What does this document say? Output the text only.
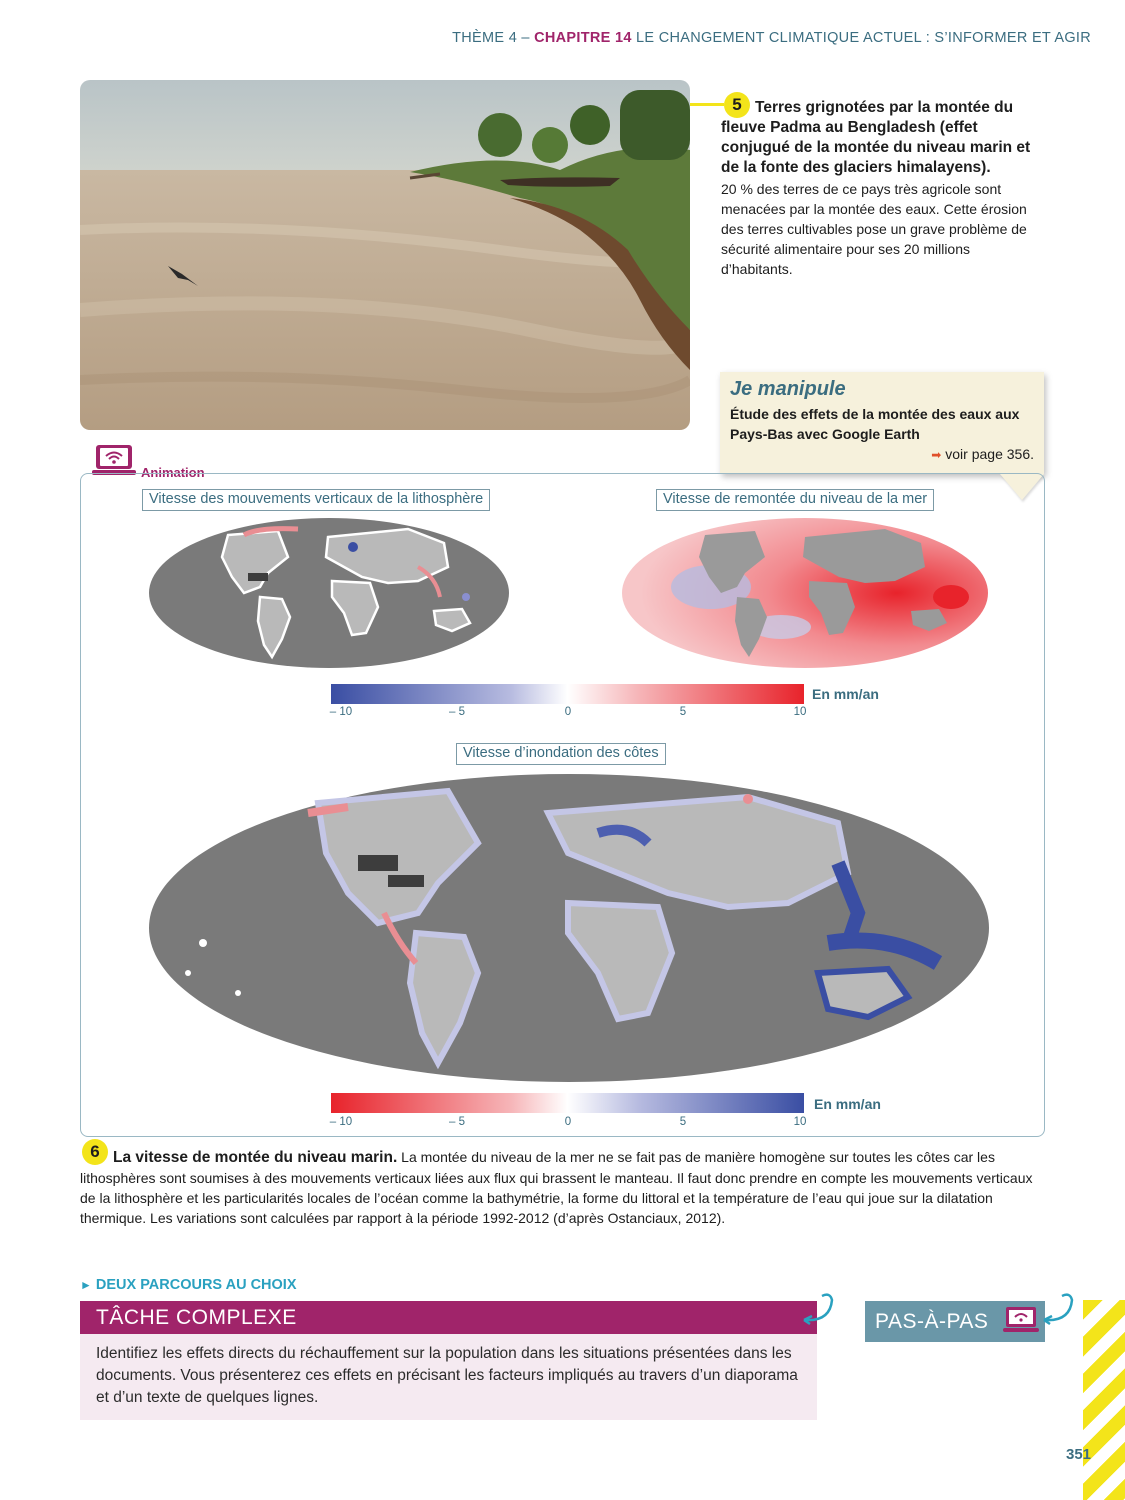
THÈME 4 – CHAPITRE 14 LE CHANGEMENT CLIMATIQUE ACTUEL : S’INFORMER ET AGIR
5 Terres grignotées par la montée du fleuve Padma au Bengladesh (effet conjugué de la montée du niveau marin et de la fonte des glaciers himalayens).
20 % des terres de ce pays très agricole sont menacées par la montée des eaux. Cette érosion des terres cultivables pose un grave problème de sécurité alimentaire pour ses 20 millions d’habitants.
Je manipule
Étude des effets de la montée des eaux aux Pays-Bas avec Google Earth
➡ voir page 356.
Animation
Vitesse des mouvements verticaux de la lithosphère	Vitesse de remontée du niveau de la mer
En mm/an
– 10	– 5	0	5	10
Vitesse d’inondation des côtes
En mm/an
– 10	– 5	0	5	10
6 La vitesse de montée du niveau marin. La montée du niveau de la mer ne se fait pas de manière homogène sur toutes les côtes car les lithosphères sont soumises à des mouvements verticaux liées aux flux qui brassent le manteau. Il faut donc prendre en compte les mouvements verticaux de la lithosphère et les particularités locales de l’océan comme la bathymétrie, la forme du littoral et la température de l’eau qui joue sur la dilatation thermique. Les variations sont calculées par rapport à la période 1992-2012 (d’après Ostanciaux, 2012).

► DEUX PARCOURS AU CHOIX
TÂCHE COMPLEXE
Identifiez les effets directs du réchauffement sur la population dans les situations présentées dans les documents. Vous présenterez ces effets en précisant les facteurs impliqués au travers d’un diaporama et d’un texte de quelques lignes.
PAS-À-PAS
351
